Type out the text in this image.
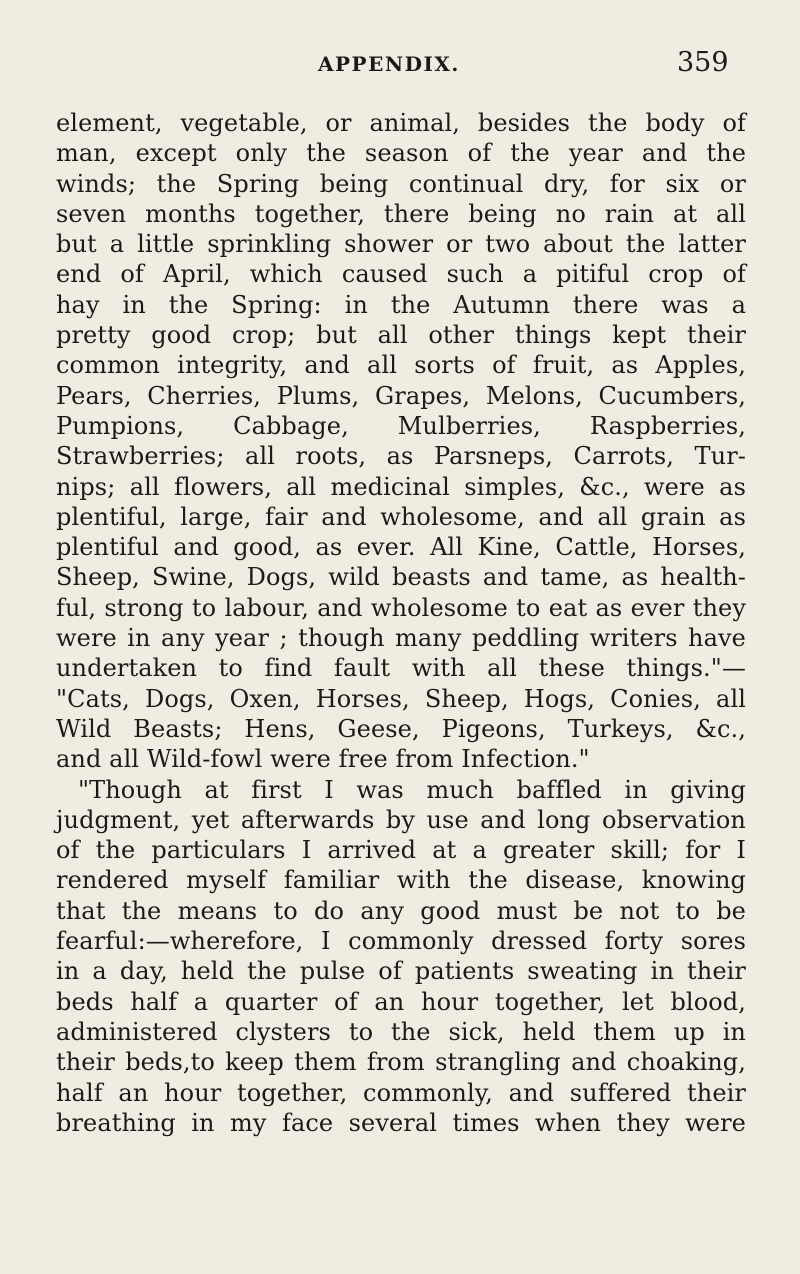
APPENDIX.	359
element, vegetable, or animal, besides the body of
man, except only the season of the year and the
winds; the Spring being continual dry, for six or
seven months together, there being no rain at all
but a little sprinkling shower or two about the latter
end of April, which caused such a pitiful crop of
hay in the Spring: in the Autumn there was a
pretty good crop; but all other things kept their
common integrity, and all sorts of fruit, as Apples,
Pears, Cherries, Plums, Grapes, Melons, Cucumbers,
Pumpions, Cabbage, Mulberries, Raspberries,
Strawberries; all roots, as Parsneps, Carrots, Tur-
nips; all flowers, all medicinal simples, &c., were as
plentiful, large, fair and wholesome, and all grain as
plentiful and good, as ever. All Kine, Cattle, Horses,
Sheep, Swine, Dogs, wild beasts and tame, as health-
ful, strong to labour, and wholesome to eat as ever they
were in any year ; though many peddling writers have
undertaken to find fault with all these things."—
"Cats, Dogs, Oxen, Horses, Sheep, Hogs, Conies, all
Wild Beasts; Hens, Geese, Pigeons, Turkeys, &c.,
and all Wild-fowl were free from Infection."
"Though at first I was much baffled in giving
judgment, yet afterwards by use and long observation
of the particulars I arrived at a greater skill; for I
rendered myself familiar with the disease, knowing
that the means to do any good must be not to be
fearful:—wherefore, I commonly dressed forty sores
in a day, held the pulse of patients sweating in their
beds half a quarter of an hour together, let blood,
administered clysters to the sick, held them up in
their beds,to keep them from strangling and choaking,
half an hour together, commonly, and suffered their
breathing in my face several times when they were
